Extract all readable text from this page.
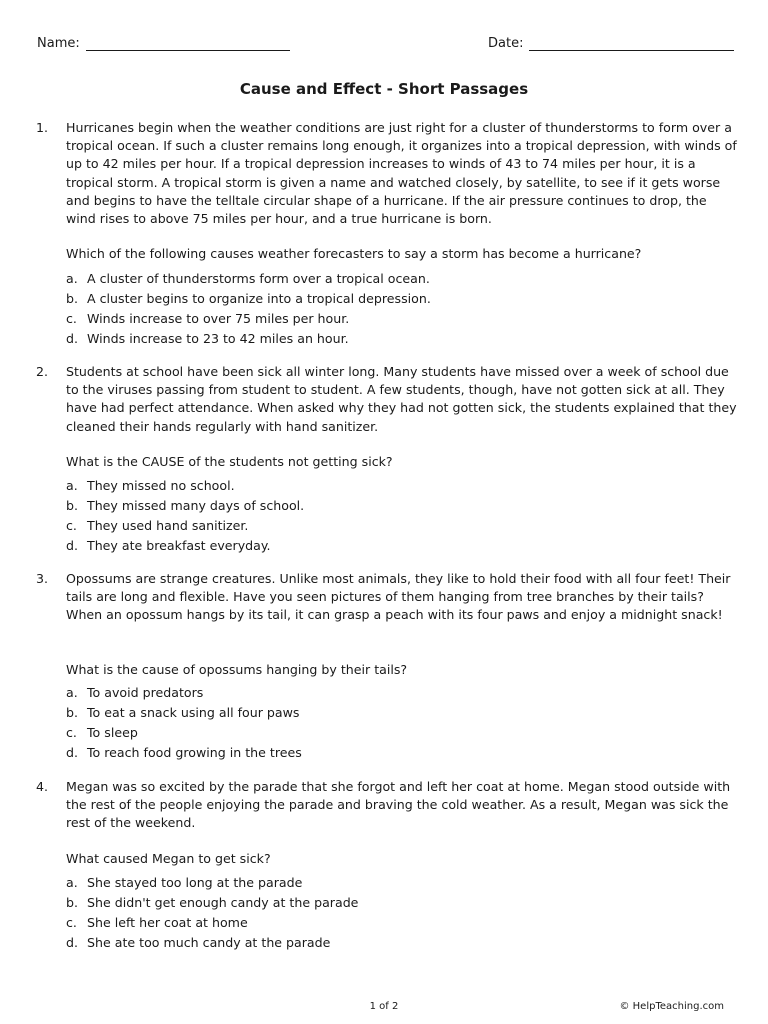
Name:	Date:
Cause and Effect - Short Passages
1. Hurricanes begin when the weather conditions are just right for a cluster of thunderstorms to form over a tropical ocean. If such a cluster remains long enough, it organizes into a tropical depression, with winds of up to 42 miles per hour. If a tropical depression increases to winds of 43 to 74 miles per hour, it is a tropical storm. A tropical storm is given a name and watched closely, by satellite, to see if it gets worse and begins to have the telltale circular shape of a hurricane. If the air pressure continues to drop, the wind rises to above 75 miles per hour, and a true hurricane is born.
Which of the following causes weather forecasters to say a storm has become a hurricane?
a. A cluster of thunderstorms form over a tropical ocean.
b. A cluster begins to organize into a tropical depression.
c. Winds increase to over 75 miles per hour.
d. Winds increase to 23 to 42 miles an hour.
2. Students at school have been sick all winter long. Many students have missed over a week of school due to the viruses passing from student to student. A few students, though, have not gotten sick at all. They have had perfect attendance. When asked why they had not gotten sick, the students explained that they cleaned their hands regularly with hand sanitizer.
What is the CAUSE of the students not getting sick?
a. They missed no school.
b. They missed many days of school.
c. They used hand sanitizer.
d. They ate breakfast everyday.
3. Opossums are strange creatures. Unlike most animals, they like to hold their food with all four feet! Their tails are long and flexible. Have you seen pictures of them hanging from tree branches by their tails? When an opossum hangs by its tail, it can grasp a peach with its four paws and enjoy a midnight snack!
What is the cause of opossums hanging by their tails?
a. To avoid predators
b. To eat a snack using all four paws
c. To sleep
d. To reach food growing in the trees
4. Megan was so excited by the parade that she forgot and left her coat at home. Megan stood outside with the rest of the people enjoying the parade and braving the cold weather. As a result, Megan was sick the rest of the weekend.
What caused Megan to get sick?
a. She stayed too long at the parade
b. She didn't get enough candy at the parade
c. She left her coat at home
d. She ate too much candy at the parade
1 of 2	© HelpTeaching.com
